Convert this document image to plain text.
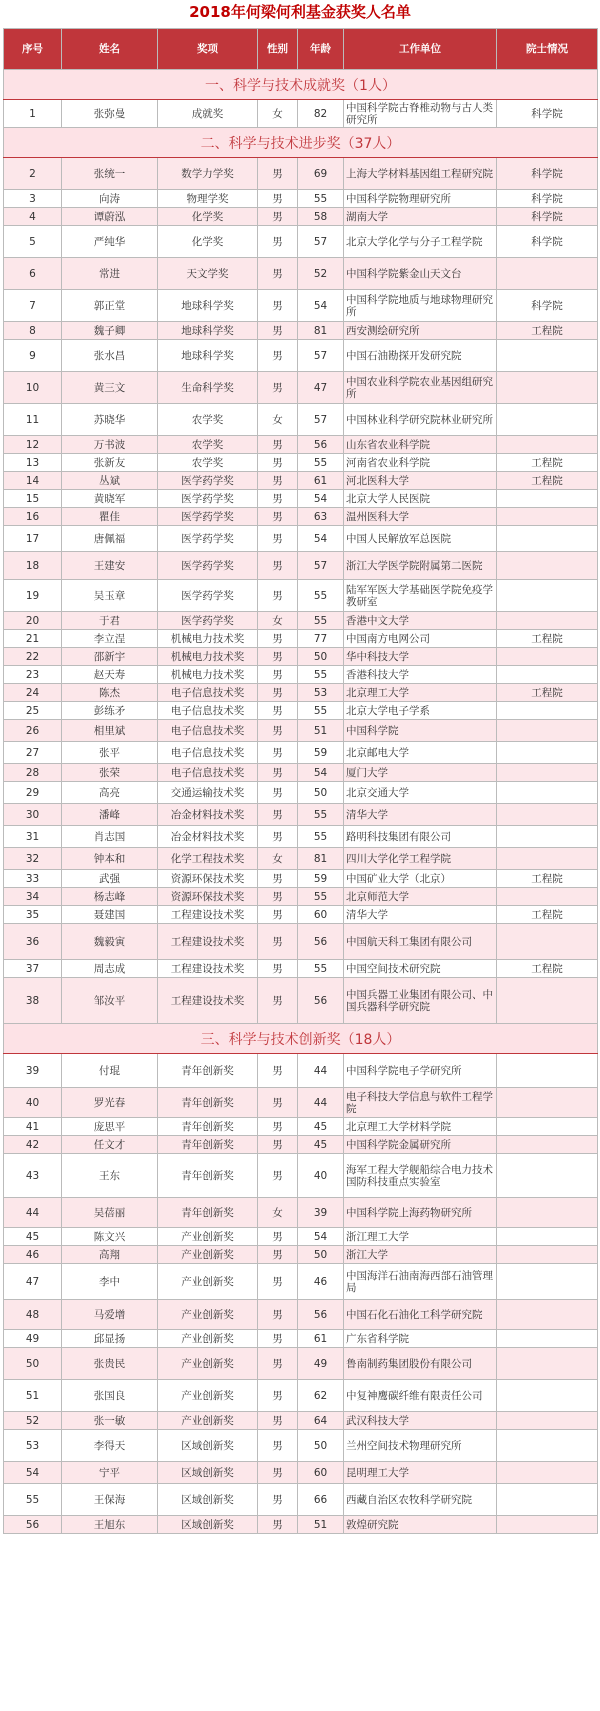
2018年何梁何利基金获奖人名单
序号	姓名	奖项	性别	年龄	工作单位	院士情况
一、科学与技术成就奖（1人）						
1	张弥曼	成就奖	女	82	中国科学院古脊椎动物与古人类研究所	科学院
二、科学与技术进步奖（37人）						
2	张统一	数学力学奖	男	69	上海大学材料基因组工程研究院	科学院
3	向涛	物理学奖	男	55	中国科学院物理研究所	科学院
4	谭蔚泓	化学奖	男	58	湖南大学	科学院
5	严纯华	化学奖	男	57	北京大学化学与分子工程学院	科学院
6	常进	天文学奖	男	52	中国科学院紫金山天文台	
7	郭正堂	地球科学奖	男	54	中国科学院地质与地球物理研究所	科学院
8	魏子卿	地球科学奖	男	81	西安测绘研究所	工程院
9	张水昌	地球科学奖	男	57	中国石油勘探开发研究院	
10	黄三文	生命科学奖	男	47	中国农业科学院农业基因组研究所	
11	苏晓华	农学奖	女	57	中国林业科学研究院林业研究所	
12	万书波	农学奖	男	56	山东省农业科学院	
13	张新友	农学奖	男	55	河南省农业科学院	工程院
14	丛斌	医学药学奖	男	61	河北医科大学	工程院
15	黄晓军	医学药学奖	男	54	北京大学人民医院	
16	瞿佳	医学药学奖	男	63	温州医科大学	
17	唐佩福	医学药学奖	男	54	中国人民解放军总医院	
18	王建安	医学药学奖	男	57	浙江大学医学院附属第二医院	
19	吴玉章	医学药学奖	男	55	陆军军医大学基础医学院免疫学教研室	
20	于君	医学药学奖	女	55	香港中文大学	
21	李立浧	机械电力技术奖	男	77	中国南方电网公司	工程院
22	邵新宇	机械电力技术奖	男	50	华中科技大学	
23	赵天寿	机械电力技术奖	男	55	香港科技大学	
24	陈杰	电子信息技术奖	男	53	北京理工大学	工程院
25	彭练矛	电子信息技术奖	男	55	北京大学电子学系	
26	相里斌	电子信息技术奖	男	51	中国科学院	
27	张平	电子信息技术奖	男	59	北京邮电大学	
28	张荣	电子信息技术奖	男	54	厦门大学	
29	高亮	交通运输技术奖	男	50	北京交通大学	
30	潘峰	冶金材料技术奖	男	55	清华大学	
31	肖志国	冶金材料技术奖	男	55	路明科技集团有限公司	
32	钟本和	化学工程技术奖	女	81	四川大学化学工程学院	
33	武强	资源环保技术奖	男	59	中国矿业大学（北京）	工程院
34	杨志峰	资源环保技术奖	男	55	北京师范大学	
35	聂建国	工程建设技术奖	男	60	清华大学	工程院
36	魏毅寅	工程建设技术奖	男	56	中国航天科工集团有限公司	
37	周志成	工程建设技术奖	男	55	中国空间技术研究院	工程院
38	邹汝平	工程建设技术奖	男	56	中国兵器工业集团有限公司、中国兵器科学研究院	
三、科学与技术创新奖（18人）						
39	付琨	青年创新奖	男	44	中国科学院电子学研究所	
40	罗光春	青年创新奖	男	44	电子科技大学信息与软件工程学院	
41	庞思平	青年创新奖	男	45	北京理工大学材料学院	
42	任文才	青年创新奖	男	45	中国科学院金属研究所	
43	王东	青年创新奖	男	40	海军工程大学舰船综合电力技术国防科技重点实验室	
44	吴蓓丽	青年创新奖	女	39	中国科学院上海药物研究所	
45	陈文兴	产业创新奖	男	54	浙江理工大学	
46	高翔	产业创新奖	男	50	浙江大学	
47	李中	产业创新奖	男	46	中国海洋石油南海西部石油管理局	
48	马爱增	产业创新奖	男	56	中国石化石油化工科学研究院	
49	邱显扬	产业创新奖	男	61	广东省科学院	
50	张贵民	产业创新奖	男	49	鲁南制药集团股份有限公司	
51	张国良	产业创新奖	男	62	中复神鹰碳纤维有限责任公司	
52	张一敏	产业创新奖	男	64	武汉科技大学	
53	李得天	区域创新奖	男	50	兰州空间技术物理研究所	
54	宁平	区域创新奖	男	60	昆明理工大学	
55	王保海	区域创新奖	男	66	西藏自治区农牧科学研究院	
56	王旭东	区域创新奖	男	51	敦煌研究院	
